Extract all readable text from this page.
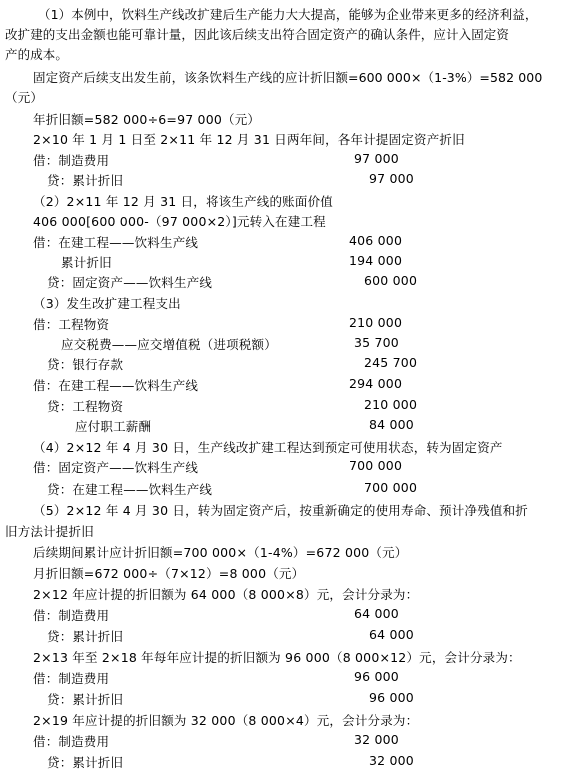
（1）本例中，饮料生产线改扩建后生产能力大大提高，能够为企业带来更多的经济利益，
改扩建的支出金额也能可靠计量，因此该后续支出符合固定资产的确认条件，应计入固定资
产的成本。
固定资产后续支出发生前，该条饮料生产线的应计折旧额=600 000×（1-3%）=582 000
（元）
年折旧额=582 000÷6=97 000（元）
2×10 年 1 月 1 日至 2×11 年 12 月 31 日两年间，各年计提固定资产折旧
借：制造费用	97 000
贷：累计折旧	97 000
（2）2×11 年 12 月 31 日，将该生产线的账面价值
406 000[600 000-（97 000×2）]元转入在建工程
借：在建工程——饮料生产线	406 000
累计折旧	194 000
贷：固定资产——饮料生产线	600 000
（3）发生改扩建工程支出
借：工程物资	210 000
应交税费——应交增值税（进项税额）	35 700
贷：银行存款	245 700
借：在建工程——饮料生产线	294 000
贷：工程物资	210 000
应付职工薪酬	84 000
（4）2×12 年 4 月 30 日，生产线改扩建工程达到预定可使用状态，转为固定资产
借：固定资产——饮料生产线	700 000
贷：在建工程——饮料生产线	700 000
（5）2×12 年 4 月 30 日，转为固定资产后，按重新确定的使用寿命、预计净残值和折
旧方法计提折旧
后续期间累计应计折旧额=700 000×（1-4%）=672 000（元）
月折旧额=672 000÷（7×12）=8 000（元）
2×12 年应计提的折旧额为 64 000（8 000×8）元，会计分录为：
借：制造费用	64 000
贷：累计折旧	64 000
2×13 年至 2×18 年每年应计提的折旧额为 96 000（8 000×12）元，会计分录为：
借：制造费用	96 000
贷：累计折旧	96 000
2×19 年应计提的折旧额为 32 000（8 000×4）元，会计分录为：
借：制造费用	32 000
贷：累计折旧	32 000
